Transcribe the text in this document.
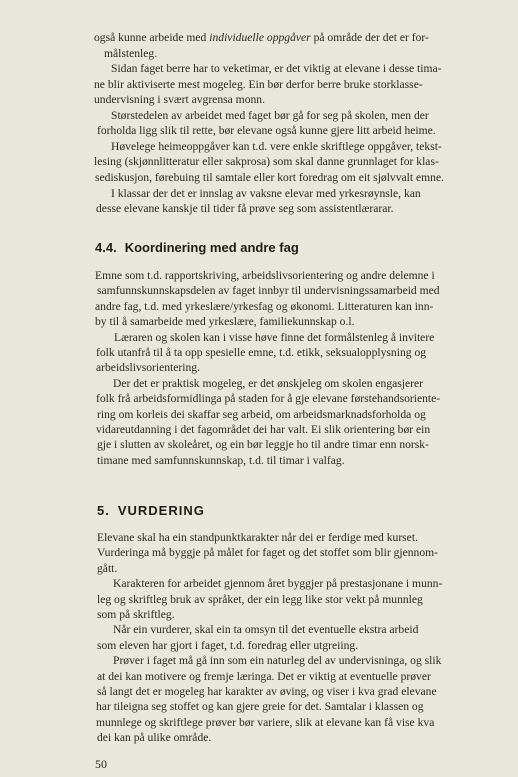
også kunne arbeide med individuelle oppgåver på område der det er for-
målstenleg.
Sidan faget berre har to veketimar, er det viktig at elevane i desse tima-
ne blir aktiviserte mest mogeleg. Ein bør derfor berre bruke storklasse-
undervisning i svært avgrensa monn.
Størstedelen av arbeidet med faget bør gå for seg på skolen, men der
forholda ligg slik til rette, bør elevane også kunne gjere litt arbeid heime.
Høvelege heimeoppgåver kan t.d. vere enkle skriftlege oppgåver, tekst-
lesing (skjønnlitteratur eller sakprosa) som skal danne grunnlaget for klas-
sediskusjon, førebuing til samtale eller kort foredrag om eit sjølvvalt emne.
I klassar der det er innslag av vaksne elevar med yrkesrøynsle, kan
desse elevane kanskje til tider få prøve seg som assistentlærarar.
4.4. Koordinering med andre fag
Emne som t.d. rapportskriving, arbeidslivsorientering og andre delemne i
samfunnskunnskapsdelen av faget innbyr til undervisningssamarbeid med
andre fag, t.d. med yrkeslære/yrkesfag og økonomi. Litteraturen kan inn-
by til å samarbeide med yrkeslære, familiekunnskap o.l.
Læraren og skolen kan i visse høve finne det formålstenleg å invitere
folk utanfrå til å ta opp spesielle emne, t.d. etikk, seksualopplysning og
arbeidslivsorientering.
Der det er praktisk mogeleg, er det ønskjeleg om skolen engasjerer
folk frå arbeidsformidlinga på staden for å gje elevane førstehandsoriente-
ring om korleis dei skaffar seg arbeid, om arbeidsmarknadsforholda og
vidareutdanning i det fagområdet dei har valt. Ei slik orientering bør ein
gje i slutten av skoleåret, og ein bør leggje ho til andre timar enn norsk-
timane med samfunnskunnskap, t.d. til timar i valfag.
5. VURDERING
Elevane skal ha ein standpunktkarakter når dei er ferdige med kurset.
Vurderinga må byggje på målet for faget og det stoffet som blir gjennom-
gått.
Karakteren for arbeidet gjennom året byggjer på prestasjonane i munn-
leg og skriftleg bruk av språket, der ein legg like stor vekt på munnleg
som på skriftleg.
Når ein vurderer, skal ein ta omsyn til det eventuelle ekstra arbeid
som eleven har gjort i faget, t.d. foredrag eller utgreiing.
Prøver i faget må gå inn som ein naturleg del av undervisninga, og slik
at dei kan motivere og fremje læringa. Det er viktig at eventuelle prøver
så langt det er mogeleg har karakter av øving, og viser i kva grad elevane
har tileigna seg stoffet og kan gjere greie for det. Samtalar i klassen og
munnlege og skriftlege prøver bør variere, slik at elevane kan få vise kva
dei kan på ulike område.
50
